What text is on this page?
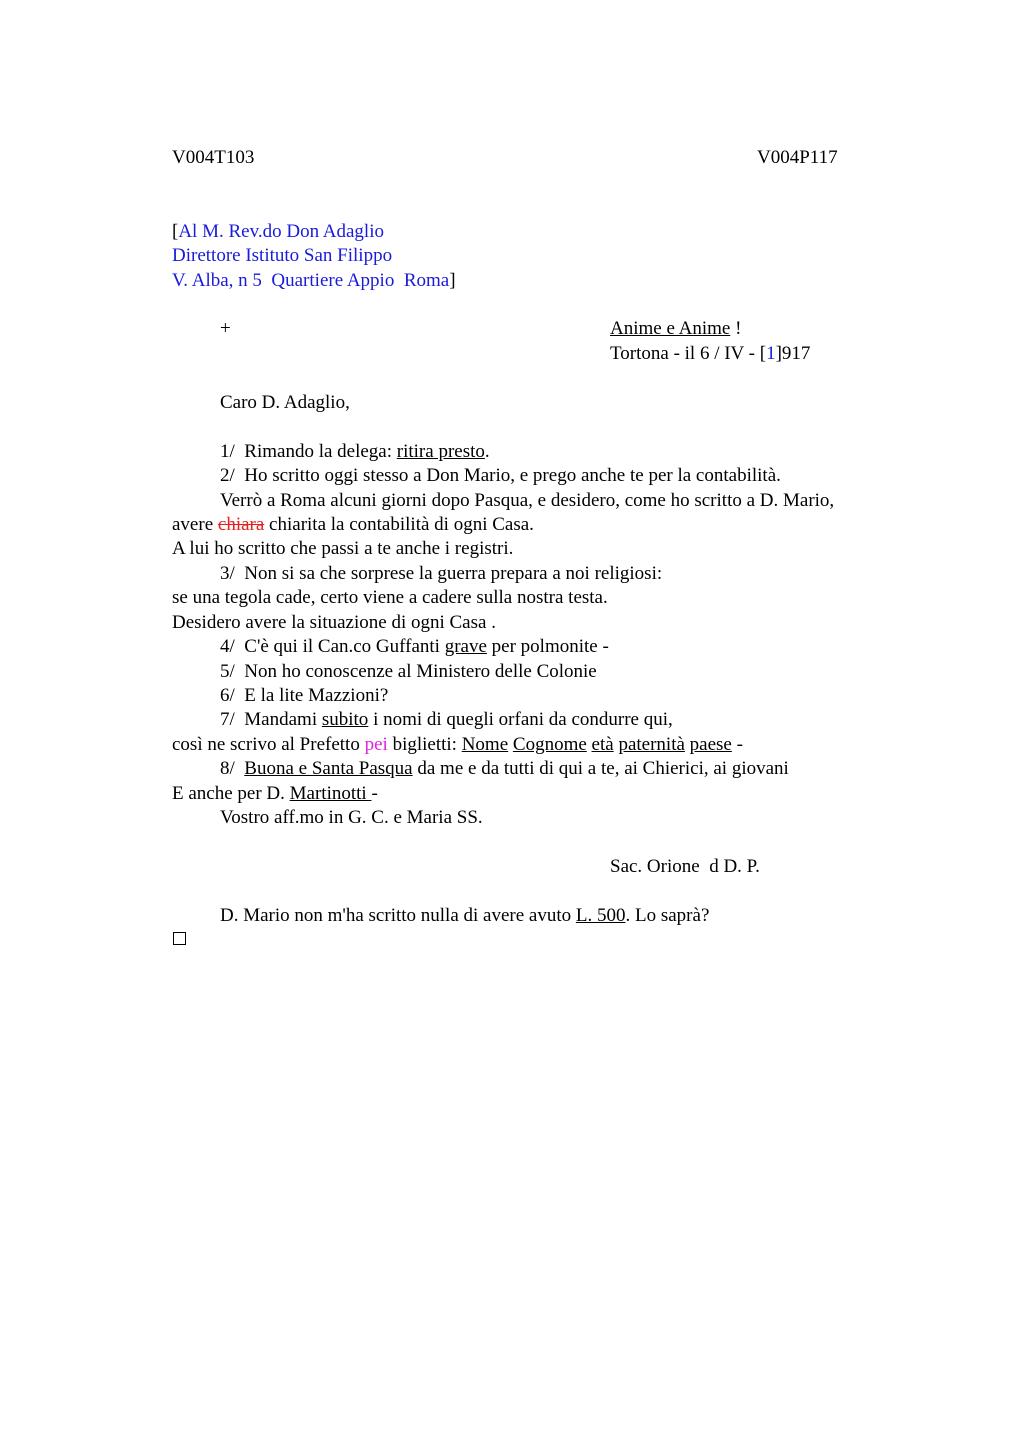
V004T103	V004P117
[Al M. Rev.do Don Adaglio
Direttore Istituto San Filippo
V. Alba, n 5  Quartiere Appio  Roma]
+	Anime e Anime !
Tortona - il 6 / IV - [1]917
Caro D. Adaglio,
1/  Rimando la delega: ritira presto.
2/  Ho scritto oggi stesso a Don Mario, e prego anche te per la contabilità.
Verrò a Roma alcuni giorni dopo Pasqua, e desidero, come ho scritto a D. Mario,
avere chiara chiarita la contabilità di ogni Casa.
A lui ho scritto che passi a te anche i registri.
3/  Non si sa che sorprese la guerra prepara a noi religiosi:
se una tegola cade, certo viene a cadere sulla nostra testa.
Desidero avere la situazione di ogni Casa .
4/  C'è qui il Can.co Guffanti grave per polmonite -
5/  Non ho conoscenze al Ministero delle Colonie
6/  E la lite Mazzioni?
7/  Mandami subito i nomi di quegli orfani da condurre qui,
così ne scrivo al Prefetto pei biglietti: Nome Cognome età paternità paese -
8/  Buona e Santa Pasqua da me e da tutti di qui a te, ai Chierici, ai giovani
E anche per D. Martinotti -
Vostro aff.mo in G. C. e Maria SS.
Sac. Orione  d D. P.
D. Mario non m'ha scritto nulla di avere avuto L. 500. Lo saprà?
